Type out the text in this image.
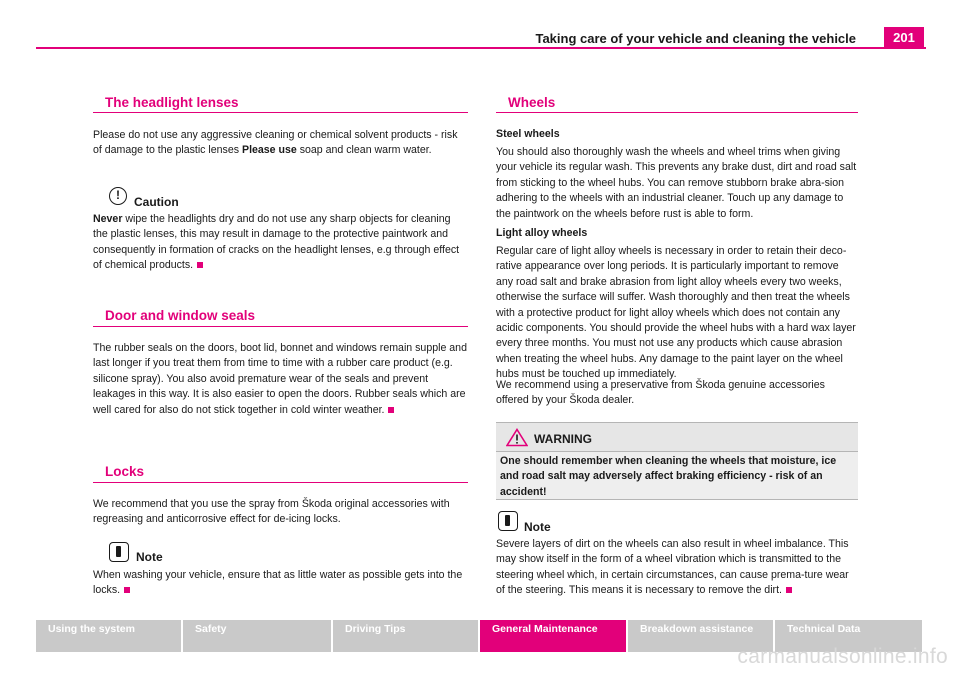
Taking care of your vehicle and cleaning the vehicle	201
The headlight lenses

Please do not use any aggressive cleaning or chemical solvent products - risk of damage to the plastic lenses Please use soap and clean warm water.

!	Caution

Never wipe the headlights dry and do not use any sharp objects for cleaning the plastic lenses, this may result in damage to the protective paintwork and consequently in formation of cracks on the headlight lenses, e.g through effect of chemical products.

Door and window seals

The rubber seals on the doors, boot lid, bonnet and windows remain supple and last longer if you treat them from time to time with a rubber care product (e.g. silicone spray). You also avoid premature wear of the seals and prevent leakages in this way. It is also easier to open the doors. Rubber seals which are well cared for also do not stick together in cold winter weather.

Locks

We recommend that you use the spray from Škoda original accessories with regreasing and anticorrosive effect for de-icing locks.

Note

When washing your vehicle, ensure that as little water as possible gets into the locks.

Wheels

Steel wheels

You should also thoroughly wash the wheels and wheel trims when giving your vehicle its regular wash. This prevents any brake dust, dirt and road salt from sticking to the wheel hubs. You can remove stubborn brake abra-sion adhering to the wheels with an industrial cleaner. Touch up any damage to the paintwork on the wheels before rust is able to form.

Light alloy wheels

Regular care of light alloy wheels is necessary in order to retain their deco-rative appearance over long periods. It is particularly important to remove any road salt and brake abrasion from light alloy wheels every two weeks, otherwise the surface will suffer. Wash thoroughly and then treat the wheels with a protective product for light alloy wheels which does not contain any acidic components. You should provide the wheel hubs with a hard wax layer every three months. You must not use any products which cause abrasion when treating the wheel hubs. Any damage to the paint layer on the wheel hubs must be touched up immediately.

We recommend using a preservative from Škoda genuine accessories offered by your Škoda dealer.

WARNING

One should remember when cleaning the wheels that moisture, ice and road salt may adversely affect braking efficiency - risk of an accident!

Note

Severe layers of dirt on the wheels can also result in wheel imbalance. This may show itself in the form of a wheel vibration which is transmitted to the steering wheel which, in certain circumstances, can cause prema-ture wear of the steering. This means it is necessary to remove the dirt.

Using the system	Safety	Driving Tips	General Maintenance	Breakdown assistance	Technical Data
carmanualsonline.info
